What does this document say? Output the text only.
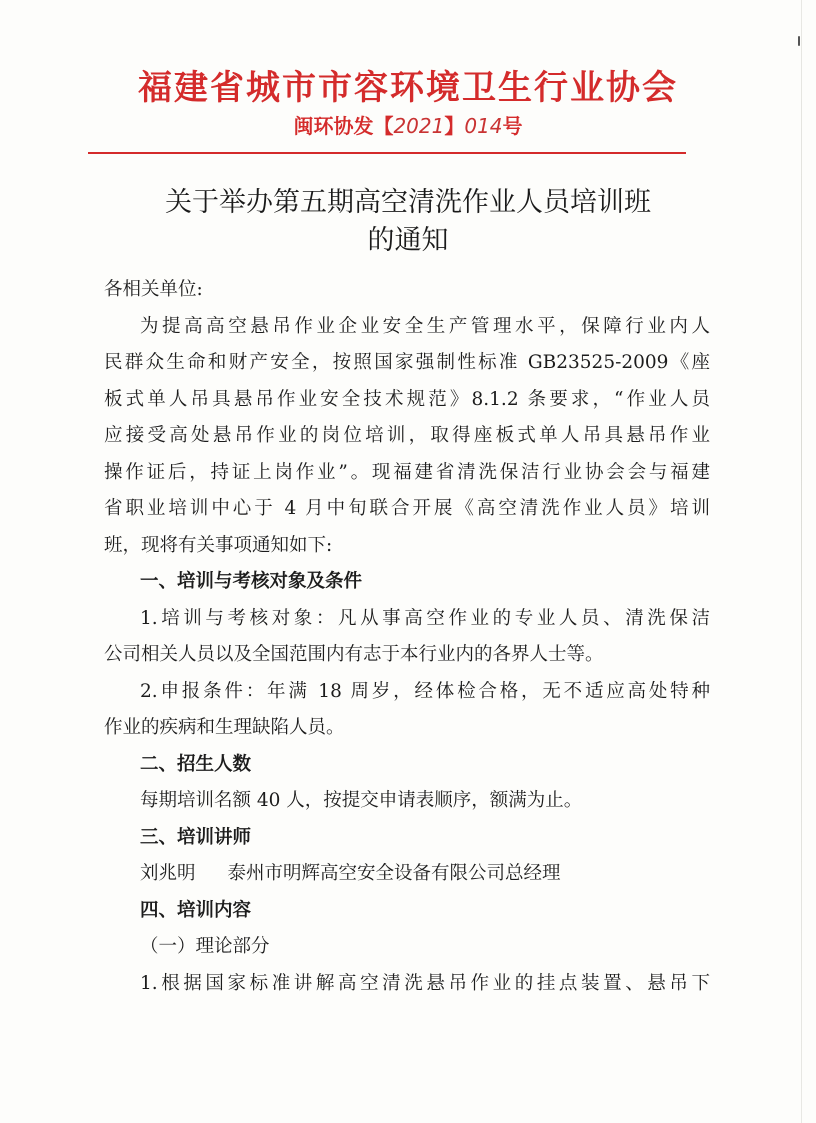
福建省城市市容环境卫生行业协会
闽环协发【2021】014号
关于举办第五期高空清洗作业人员培训班
的通知
各相关单位:
为提高高空悬吊作业企业安全生产管理水平，保障行业内人
民群众生命和财产安全，按照国家强制性标准 GB23525-2009《座
板式单人吊具悬吊作业安全技术规范》8.1.2 条要求，“作业人员
应接受高处悬吊作业的岗位培训，取得座板式单人吊具悬吊作业
操作证后，持证上岗作业”。现福建省清洗保洁行业协会会与福建
省职业培训中心于 4 月中旬联合开展《高空清洗作业人员》培训
班，现将有关事项通知如下:
一、培训与考核对象及条件
1.培训与考核对象：凡从事高空作业的专业人员、清洗保洁
公司相关人员以及全国范围内有志于本行业内的各界人士等。
2.申报条件：年满 18 周岁，经体检合格，无不适应高处特种
作业的疾病和生理缺陷人员。
二、招生人数
每期培训名额 40 人，按提交申请表顺序，额满为止。
三、培训讲师
刘兆明 泰州市明辉高空安全设备有限公司总经理
四、培训内容
（一）理论部分
1.根据国家标准讲解高空清洗悬吊作业的挂点装置、悬吊下
